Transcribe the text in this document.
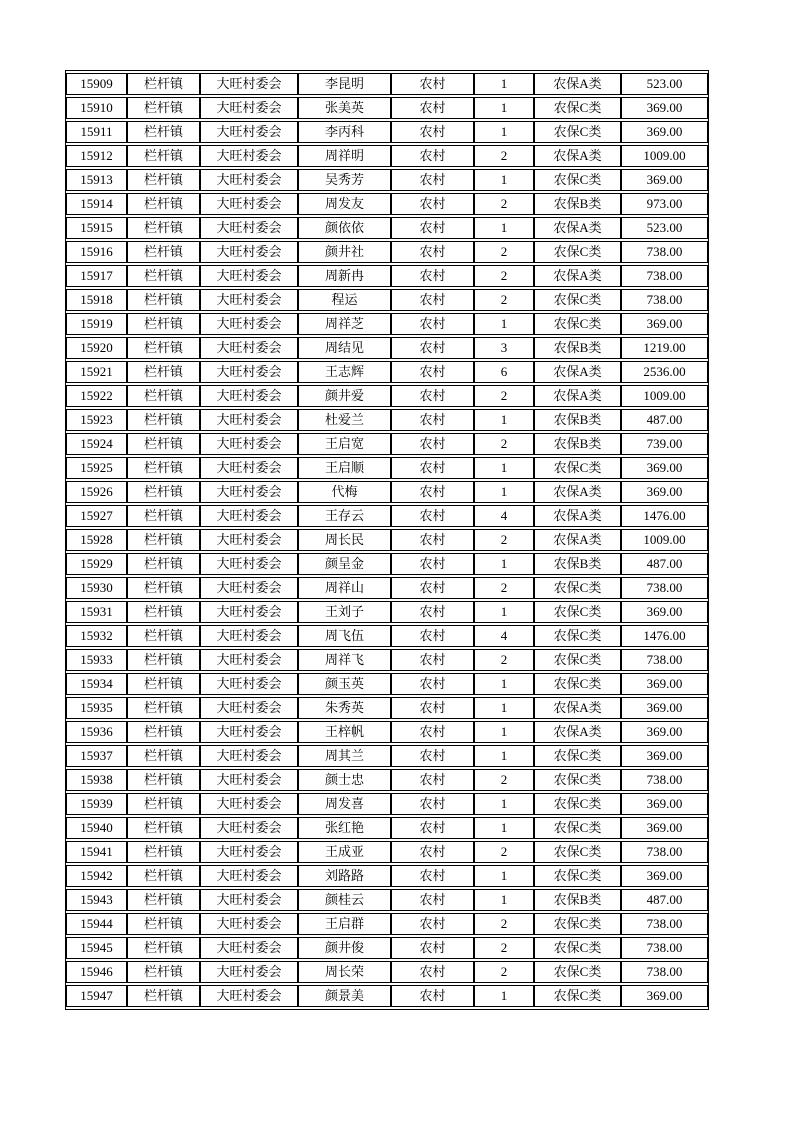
15909	栏杆镇	大旺村委会	李昆明	农村	1	农保A类	523.00
15910	栏杆镇	大旺村委会	张美英	农村	1	农保C类	369.00
15911	栏杆镇	大旺村委会	李丙科	农村	1	农保C类	369.00
15912	栏杆镇	大旺村委会	周祥明	农村	2	农保A类	1009.00
15913	栏杆镇	大旺村委会	吴秀芳	农村	1	农保C类	369.00
15914	栏杆镇	大旺村委会	周发友	农村	2	农保B类	973.00
15915	栏杆镇	大旺村委会	颜依依	农村	1	农保A类	523.00
15916	栏杆镇	大旺村委会	颜井社	农村	2	农保C类	738.00
15917	栏杆镇	大旺村委会	周新冉	农村	2	农保A类	738.00
15918	栏杆镇	大旺村委会	程运	农村	2	农保C类	738.00
15919	栏杆镇	大旺村委会	周祥芝	农村	1	农保C类	369.00
15920	栏杆镇	大旺村委会	周结见	农村	3	农保B类	1219.00
15921	栏杆镇	大旺村委会	王志辉	农村	6	农保A类	2536.00
15922	栏杆镇	大旺村委会	颜井爱	农村	2	农保A类	1009.00
15923	栏杆镇	大旺村委会	杜爱兰	农村	1	农保B类	487.00
15924	栏杆镇	大旺村委会	王启宽	农村	2	农保B类	739.00
15925	栏杆镇	大旺村委会	王启顺	农村	1	农保C类	369.00
15926	栏杆镇	大旺村委会	代梅	农村	1	农保A类	369.00
15927	栏杆镇	大旺村委会	王存云	农村	4	农保A类	1476.00
15928	栏杆镇	大旺村委会	周长民	农村	2	农保A类	1009.00
15929	栏杆镇	大旺村委会	颜呈金	农村	1	农保B类	487.00
15930	栏杆镇	大旺村委会	周祥山	农村	2	农保C类	738.00
15931	栏杆镇	大旺村委会	王刘子	农村	1	农保C类	369.00
15932	栏杆镇	大旺村委会	周飞伍	农村	4	农保C类	1476.00
15933	栏杆镇	大旺村委会	周祥飞	农村	2	农保C类	738.00
15934	栏杆镇	大旺村委会	颜玉英	农村	1	农保C类	369.00
15935	栏杆镇	大旺村委会	朱秀英	农村	1	农保A类	369.00
15936	栏杆镇	大旺村委会	王梓帆	农村	1	农保A类	369.00
15937	栏杆镇	大旺村委会	周其兰	农村	1	农保C类	369.00
15938	栏杆镇	大旺村委会	颜士忠	农村	2	农保C类	738.00
15939	栏杆镇	大旺村委会	周发喜	农村	1	农保C类	369.00
15940	栏杆镇	大旺村委会	张红艳	农村	1	农保C类	369.00
15941	栏杆镇	大旺村委会	王成亚	农村	2	农保C类	738.00
15942	栏杆镇	大旺村委会	刘路路	农村	1	农保C类	369.00
15943	栏杆镇	大旺村委会	颜桂云	农村	1	农保B类	487.00
15944	栏杆镇	大旺村委会	王启群	农村	2	农保C类	738.00
15945	栏杆镇	大旺村委会	颜井俊	农村	2	农保C类	738.00
15946	栏杆镇	大旺村委会	周长荣	农村	2	农保C类	738.00
15947	栏杆镇	大旺村委会	颜景美	农村	1	农保C类	369.00
